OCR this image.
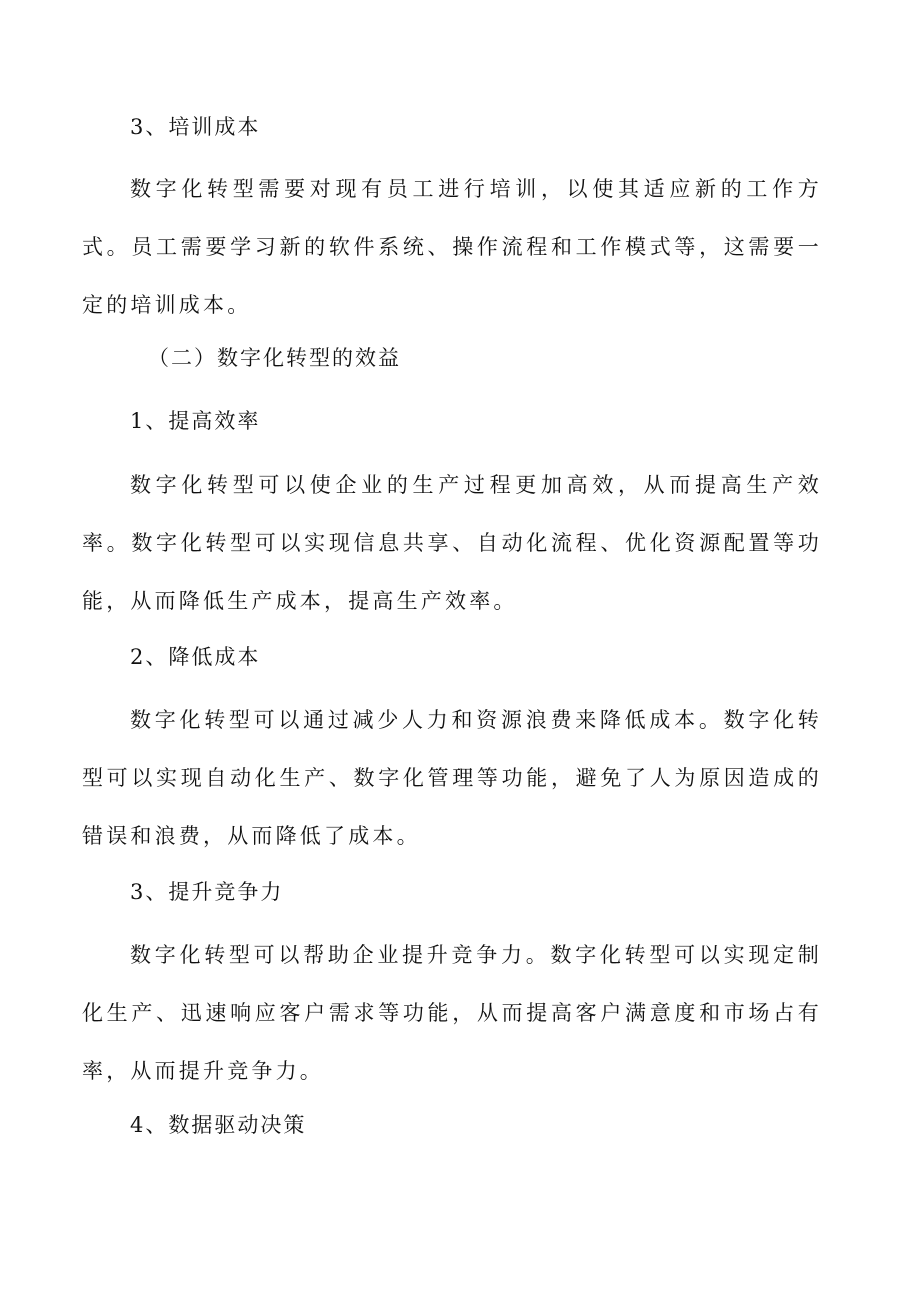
3、培训成本
数字化转型需要对现有员工进行培训，以使其适应新的工作方式。员工需要学习新的软件系统、操作流程和工作模式等，这需要一定的培训成本。
（二）数字化转型的效益
1、提高效率
数字化转型可以使企业的生产过程更加高效，从而提高生产效率。数字化转型可以实现信息共享、自动化流程、优化资源配置等功能，从而降低生产成本，提高生产效率。
2、降低成本
数字化转型可以通过减少人力和资源浪费来降低成本。数字化转型可以实现自动化生产、数字化管理等功能，避免了人为原因造成的错误和浪费，从而降低了成本。
3、提升竞争力
数字化转型可以帮助企业提升竞争力。数字化转型可以实现定制化生产、迅速响应客户需求等功能，从而提高客户满意度和市场占有率，从而提升竞争力。
4、数据驱动决策
